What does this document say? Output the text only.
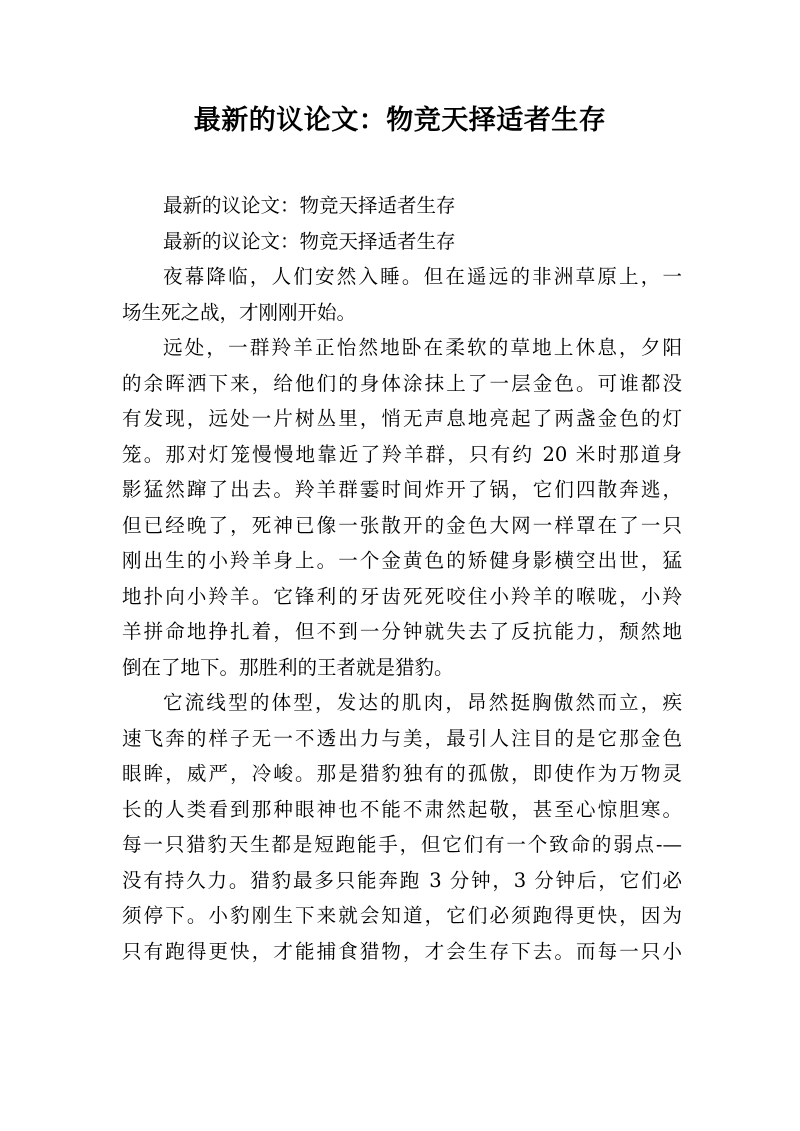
最新的议论文：物竞天择适者生存
最新的议论文：物竞天择适者生存
最新的议论文：物竞天择适者生存
夜幕降临，人们安然入睡。但在遥远的非洲草原上，一
场生死之战，才刚刚开始。
远处，一群羚羊正怡然地卧在柔软的草地上休息，夕阳
的余晖洒下来，给他们的身体涂抹上了一层金色。可谁都没
有发现，远处一片树丛里，悄无声息地亮起了两盏金色的灯
笼。那对灯笼慢慢地靠近了羚羊群，只有约 20 米时那道身
影猛然蹿了出去。羚羊群霎时间炸开了锅，它们四散奔逃，
但已经晚了，死神已像一张散开的金色大网一样罩在了一只
刚出生的小羚羊身上。一个金黄色的矫健身影横空出世，猛
地扑向小羚羊。它锋利的牙齿死死咬住小羚羊的喉咙，小羚
羊拼命地挣扎着，但不到一分钟就失去了反抗能力，颓然地
倒在了地下。那胜利的王者就是猎豹。
它流线型的体型，发达的肌肉，昂然挺胸傲然而立，疾
速飞奔的样子无一不透出力与美，最引人注目的是它那金色
眼眸，威严，冷峻。那是猎豹独有的孤傲，即使作为万物灵
长的人类看到那种眼神也不能不肃然起敬，甚至心惊胆寒。
每一只猎豹天生都是短跑能手，但它们有一个致命的弱点-—
没有持久力。猎豹最多只能奔跑 3 分钟，3 分钟后，它们必
须停下。小豹刚生下来就会知道，它们必须跑得更快，因为
只有跑得更快，才能捕食猎物，才会生存下去。而每一只小
